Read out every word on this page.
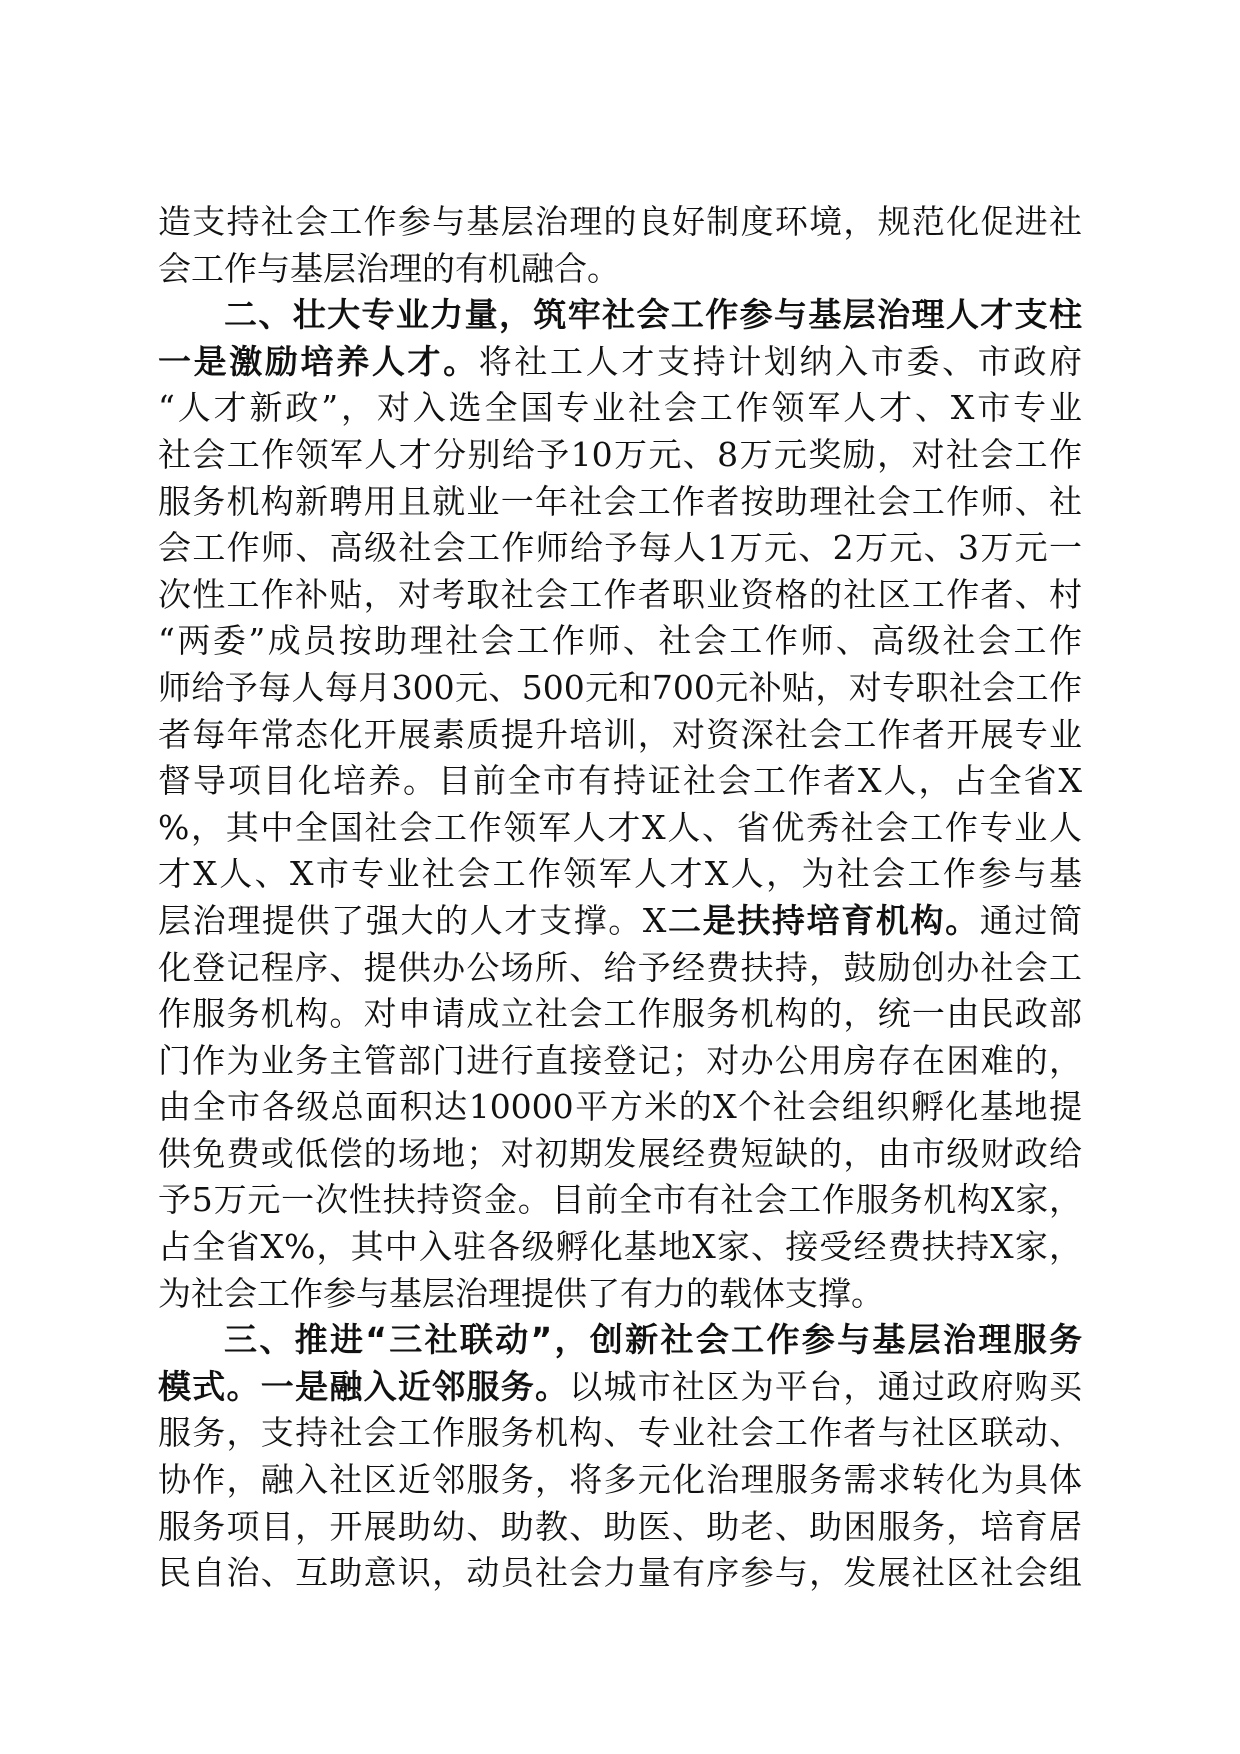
造支持社会工作参与基层治理的良好制度环境，规范化促进社
会工作与基层治理的有机融合。
二、壮大专业力量，筑牢社会工作参与基层治理人才支柱
一是激励培养人才。将社工人才支持计划纳入市委、市政府
“人才新政”，对入选全国专业社会工作领军人才、X市专业
社会工作领军人才分别给予10万元、8万元奖励，对社会工作
服务机构新聘用且就业一年社会工作者按助理社会工作师、社
会工作师、高级社会工作师给予每人1万元、2万元、3万元一
次性工作补贴，对考取社会工作者职业资格的社区工作者、村
“两委”成员按助理社会工作师、社会工作师、高级社会工作
师给予每人每月300元、500元和700元补贴，对专职社会工作
者每年常态化开展素质提升培训，对资深社会工作者开展专业
督导项目化培养。目前全市有持证社会工作者X人，占全省X
%，其中全国社会工作领军人才X人、省优秀社会工作专业人
才X人、X市专业社会工作领军人才X人，为社会工作参与基
层治理提供了强大的人才支撑。X二是扶持培育机构。通过简
化登记程序、提供办公场所、给予经费扶持，鼓励创办社会工
作服务机构。对申请成立社会工作服务机构的，统一由民政部
门作为业务主管部门进行直接登记；对办公用房存在困难的，
由全市各级总面积达10000平方米的X个社会组织孵化基地提
供免费或低偿的场地；对初期发展经费短缺的，由市级财政给
予5万元一次性扶持资金。目前全市有社会工作服务机构X家，
占全省X%，其中入驻各级孵化基地X家、接受经费扶持X家，
为社会工作参与基层治理提供了有力的载体支撑。
三、推进“三社联动”，创新社会工作参与基层治理服务
模式。一是融入近邻服务。以城市社区为平台，通过政府购买
服务，支持社会工作服务机构、专业社会工作者与社区联动、
协作，融入社区近邻服务，将多元化治理服务需求转化为具体
服务项目，开展助幼、助教、助医、助老、助困服务，培育居
民自治、互助意识，动员社会力量有序参与，发展社区社会组
